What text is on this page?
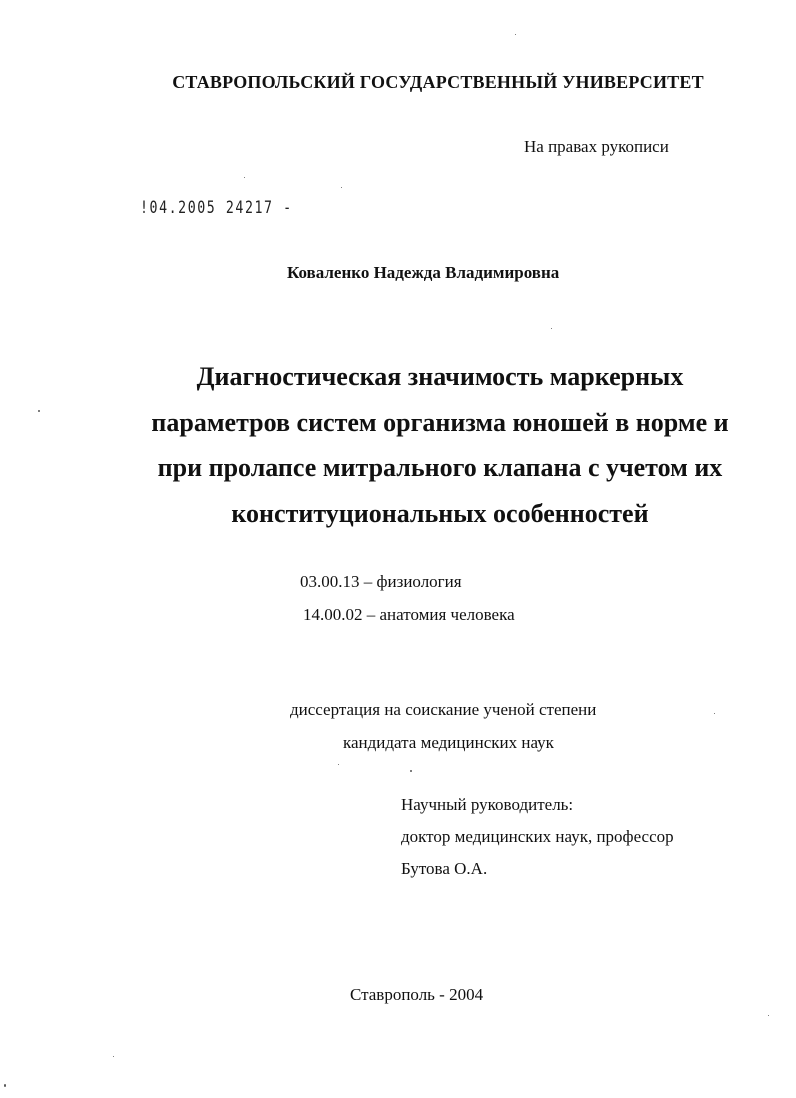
СТАВРОПОЛЬСКИЙ ГОСУДАРСТВЕННЫЙ УНИВЕРСИТЕТ
На правах рукописи
!04.2005 24217 -
Коваленко Надежда Владимировна
Диагностическая значимость маркерных
параметров систем организма юношей в норме и
при пролапсе митрального клапана с учетом их
конституциональных особенностей
03.00.13 – физиология
14.00.02 – анатомия человека
диссертация на соискание ученой степени
кандидата медицинских наук
Научный руководитель:
доктор медицинских наук, профессор
Бутова О.А.
Ставрополь - 2004
